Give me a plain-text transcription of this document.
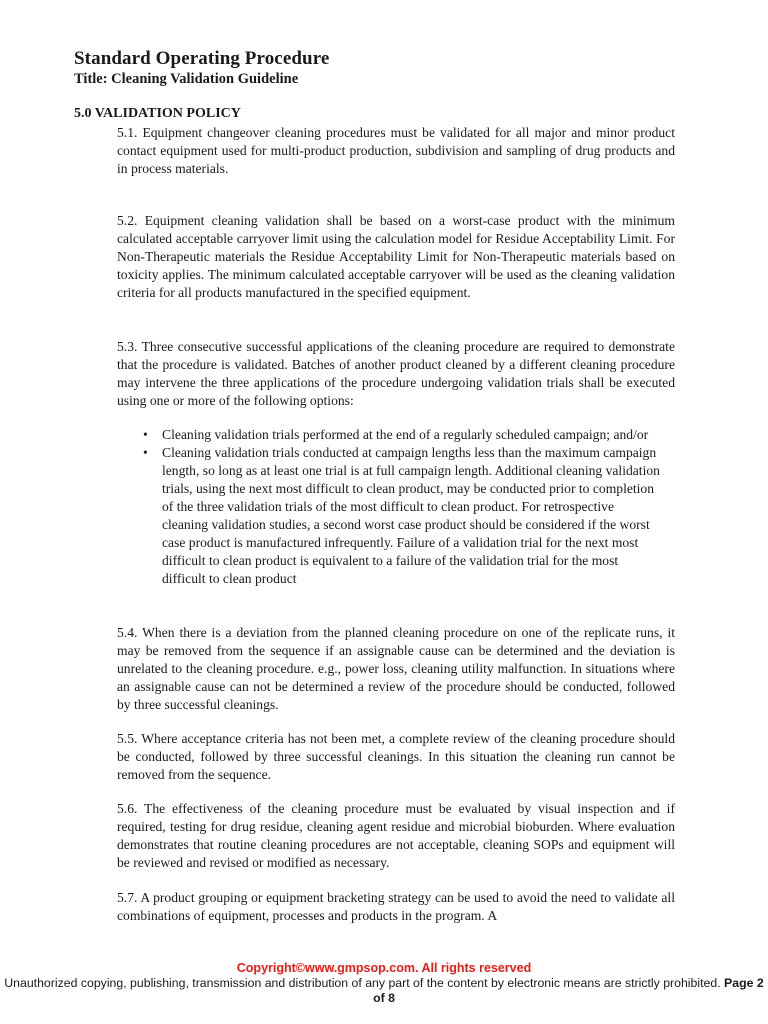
Standard Operating Procedure
Title: Cleaning Validation Guideline
5.0 VALIDATION POLICY

5.1. Equipment changeover cleaning procedures must be validated for all major and minor product contact equipment used for multi-product production, subdivision and sampling of drug products and in process materials.

5.2. Equipment cleaning validation shall be based on a worst-case product with the minimum calculated acceptable carryover limit using the calculation model for Residue Acceptability Limit. For Non-Therapeutic materials the Residue Acceptability Limit for Non-Therapeutic materials based on toxicity applies. The minimum calculated acceptable carryover will be used as the cleaning validation criteria for all products manufactured in the specified equipment.

5.3. Three consecutive successful applications of the cleaning procedure are required to demonstrate that the procedure is validated. Batches of another product cleaned by a different cleaning procedure may intervene the three applications of the procedure undergoing validation trials shall be executed using one or more of the following options:

• Cleaning validation trials performed at the end of a regularly scheduled campaign; and/or
• Cleaning validation trials conducted at campaign lengths less than the maximum campaign length, so long as at least one trial is at full campaign length. Additional cleaning validation trials, using the next most difficult to clean product, may be conducted prior to completion of the three validation trials of the most difficult to clean product. For retrospective cleaning validation studies, a second worst case product should be considered if the worst case product is manufactured infrequently. Failure of a validation trial for the next most difficult to clean product is equivalent to a failure of the validation trial for the most difficult to clean product

5.4. When there is a deviation from the planned cleaning procedure on one of the replicate runs, it may be removed from the sequence if an assignable cause can be determined and the deviation is unrelated to the cleaning procedure. e.g., power loss, cleaning utility malfunction. In situations where an assignable cause can not be determined a review of the procedure should be conducted, followed by three successful cleanings.

5.5. Where acceptance criteria has not been met, a complete review of the cleaning procedure should be conducted, followed by three successful cleanings. In this situation the cleaning run cannot be removed from the sequence.

5.6. The effectiveness of the cleaning procedure must be evaluated by visual inspection and if required, testing for drug residue, cleaning agent residue and microbial bioburden. Where evaluation demonstrates that routine cleaning procedures are not acceptable, cleaning SOPs and equipment will be reviewed and revised or modified as necessary.

5.7. A product grouping or equipment bracketing strategy can be used to avoid the need to validate all combinations of equipment, processes and products in the program. A

Copyright©www.gmpsop.com. All rights reserved
Unauthorized copying, publishing, transmission and distribution of any part of the content by electronic means are strictly prohibited. Page 2 of 8
